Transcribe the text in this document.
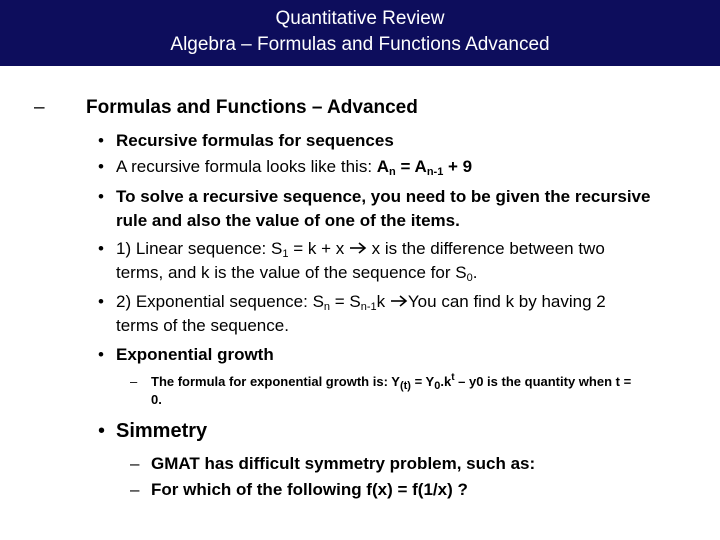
Quantitative Review
Algebra – Formulas and Functions Advanced
– Formulas and Functions – Advanced
• Recursive formulas for sequences
• A recursive formula looks like this: $A_n = A_{n-1} + 9$
• To solve a recursive sequence, you need to be given the recursive
rule and also the value of one of the items.
• 1) Linear sequence: $S_1 = k + x$  x is the difference between two
terms, and k is the value of the sequence for $S_0$.
• 2) Exponential sequence: $S_n = S_{n-1}k$ You can find k by having 2
terms of the sequence.
• Exponential growth
– The formula for exponential growth is: $Y_{(t)} = Y_0.k^t - y0$ is the quantity when t =
0.
• Simmetry
– GMAT has difficult symmetry problem, such as:
– For which of the following f(x) = f(1/x) ?
